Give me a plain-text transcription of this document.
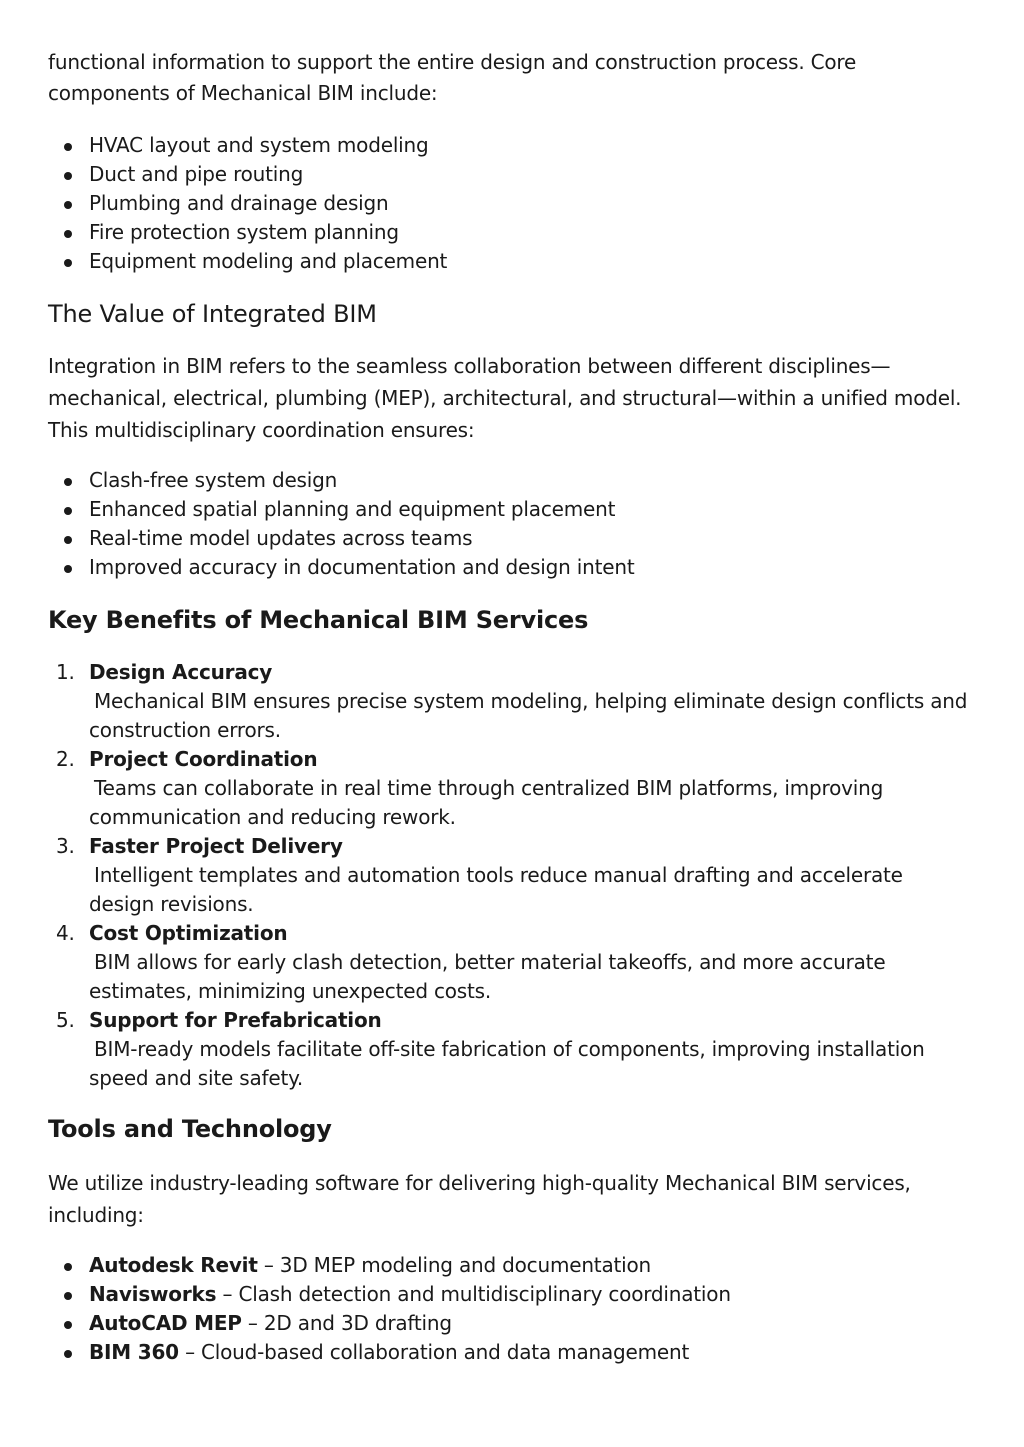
functional information to support the entire design and construction process. Core components of Mechanical BIM include:

HVAC layout and system modeling
Duct and pipe routing
Plumbing and drainage design
Fire protection system planning
Equipment modeling and placement
The Value of Integrated BIM

Integration in BIM refers to the seamless collaboration between different disciplines—mechanical, electrical, plumbing (MEP), architectural, and structural—within a unified model. This multidisciplinary coordination ensures:

Clash-free system design
Enhanced spatial planning and equipment placement
Real-time model updates across teams
Improved accuracy in documentation and design intent
Key Benefits of Mechanical BIM Services
1. Design Accuracy
Mechanical BIM ensures precise system modeling, helping eliminate design conflicts and
construction errors.
2. Project Coordination
Teams can collaborate in real time through centralized BIM platforms, improving
communication and reducing rework.
3. Faster Project Delivery
Intelligent templates and automation tools reduce manual drafting and accelerate
design revisions.
4. Cost Optimization
BIM allows for early clash detection, better material takeoffs, and more accurate
estimates, minimizing unexpected costs.
5. Support for Prefabrication
BIM-ready models facilitate off-site fabrication of components, improving installation
speed and site safety.
Tools and Technology

We utilize industry-leading software for delivering high-quality Mechanical BIM services, including:

Autodesk Revit – 3D MEP modeling and documentation
Navisworks – Clash detection and multidisciplinary coordination
AutoCAD MEP – 2D and 3D drafting
BIM 360 – Cloud-based collaboration and data management
